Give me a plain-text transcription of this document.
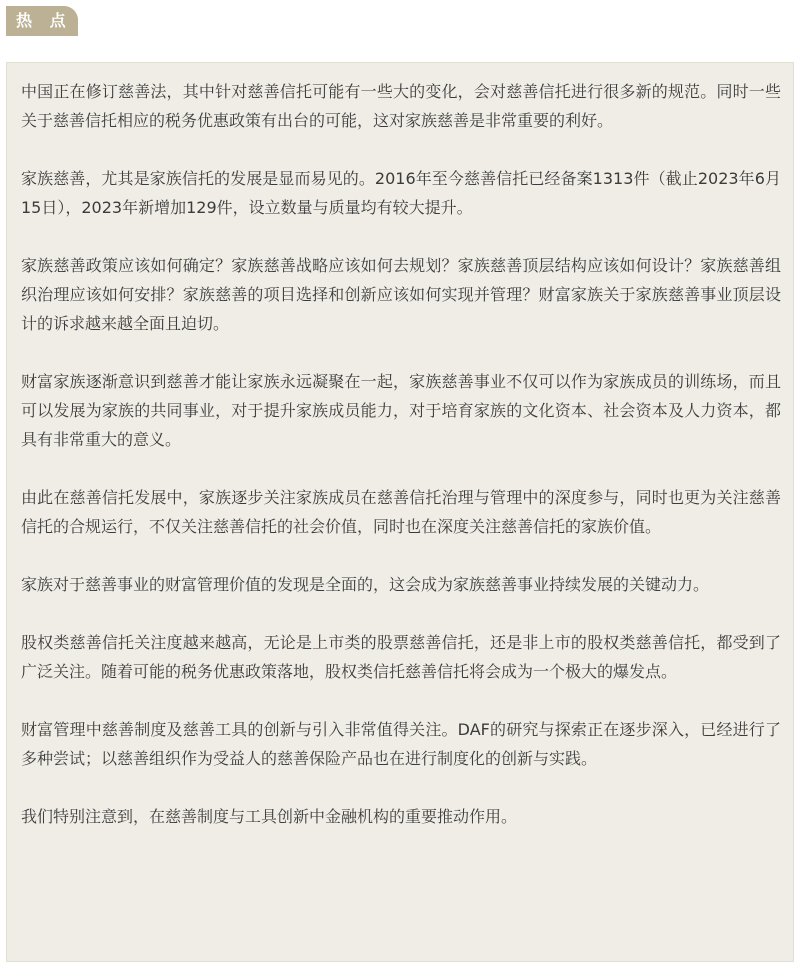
热 点

中国正在修订慈善法，其中针对慈善信托可能有一些大的变化，会对慈善信托进行很多新的规范。同时一些关于慈善信托相应的税务优惠政策有出台的可能，这对家族慈善是非常重要的利好。

家族慈善，尤其是家族信托的发展是显而易见的。2016年至今慈善信托已经备案1313件（截止2023年6月15日），2023年新增加129件，设立数量与质量均有较大提升。

家族慈善政策应该如何确定？家族慈善战略应该如何去规划？家族慈善顶层结构应该如何设计？家族慈善组织治理应该如何安排？家族慈善的项目选择和创新应该如何实现并管理？财富家族关于家族慈善事业顶层设计的诉求越来越全面且迫切。

财富家族逐渐意识到慈善才能让家族永远凝聚在一起，家族慈善事业不仅可以作为家族成员的训练场，而且可以发展为家族的共同事业，对于提升家族成员能力，对于培育家族的文化资本、社会资本及人力资本，都具有非常重大的意义。

由此在慈善信托发展中，家族逐步关注家族成员在慈善信托治理与管理中的深度参与，同时也更为关注慈善信托的合规运行，不仅关注慈善信托的社会价值，同时也在深度关注慈善信托的家族价值。

家族对于慈善事业的财富管理价值的发现是全面的，这会成为家族慈善事业持续发展的关键动力。

股权类慈善信托关注度越来越高，无论是上市类的股票慈善信托，还是非上市的股权类慈善信托，都受到了广泛关注。随着可能的税务优惠政策落地，股权类信托慈善信托将会成为一个极大的爆发点。

财富管理中慈善制度及慈善工具的创新与引入非常值得关注。DAF的研究与探索正在逐步深入，已经进行了多种尝试；以慈善组织作为受益人的慈善保险产品也在进行制度化的创新与实践。

我们特别注意到，在慈善制度与工具创新中金融机构的重要推动作用。
